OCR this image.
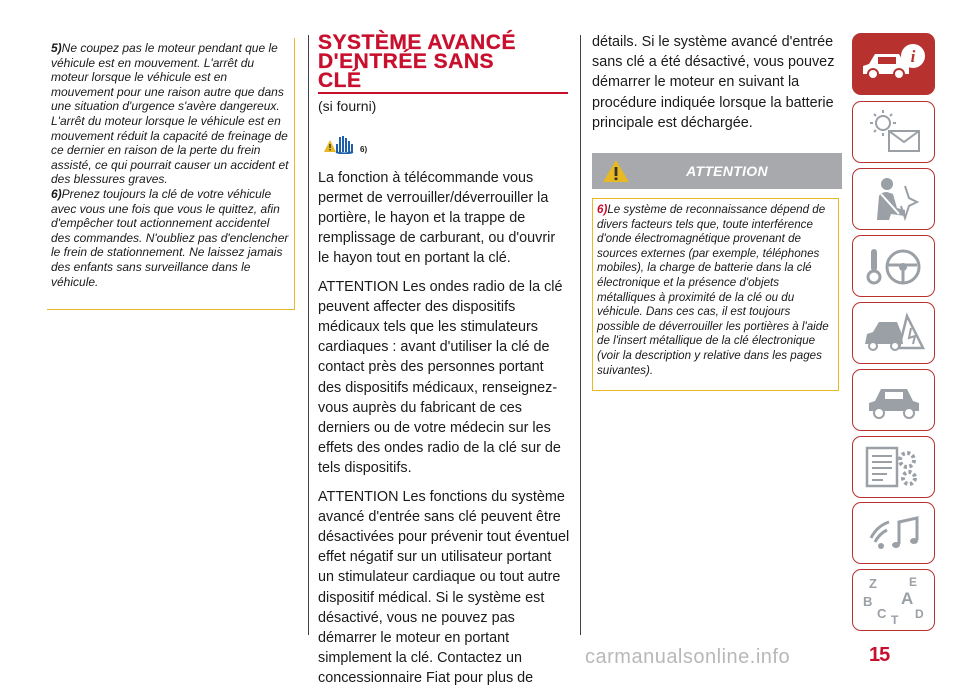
5)Ne coupez pas le moteur pendant que le véhicule est en mouvement. L'arrêt du moteur lorsque le véhicule est en mouvement pour une raison autre que dans une situation d'urgence s'avère dangereux. L'arrêt du moteur lorsque le véhicule est en mouvement réduit la capacité de freinage de ce dernier en raison de la perte du frein assisté, ce qui pourrait causer un accident et des blessures graves.

6)Prenez toujours la clé de votre véhicule avec vous une fois que vous le quittez, afin d'empêcher tout actionnement accidentel des commandes. N'oubliez pas d'enclencher le frein de stationnement. Ne laissez jamais des enfants sans surveillance dans le véhicule.

SYSTÈME AVANCÉ
D'ENTRÉE SANS
CLÉ
(si fourni)
6)

La fonction à télécommande vous permet de verrouiller/déverrouiller la portière, le hayon et la trappe de remplissage de carburant, ou d'ouvrir le hayon tout en portant la clé.

ATTENTION Les ondes radio de la clé peuvent affecter des dispositifs médicaux tels que les stimulateurs cardiaques : avant d'utiliser la clé de contact près des personnes portant des dispositifs médicaux, renseignez-vous auprès du fabricant de ces derniers ou de votre médecin sur les effets des ondes radio de la clé sur de tels dispositifs.

ATTENTION Les fonctions du système avancé d'entrée sans clé peuvent être désactivées pour prévenir tout éventuel effet négatif sur un utilisateur portant un stimulateur cardiaque ou tout autre dispositif médical. Si le système est désactivé, vous ne pouvez pas démarrer le moteur en portant simplement la clé. Contactez un concessionnaire Fiat pour plus de

détails. Si le système avancé d'entrée sans clé a été désactivé, vous pouvez démarrer le moteur en suivant la procédure indiquée lorsque la batterie principale est déchargée.

ATTENTION
6)Le système de reconnaissance dépend de divers facteurs tels que, toute interférence d'onde électromagnétique provenant de sources externes (par exemple, téléphones mobiles), la charge de batterie dans la clé électronique et la présence d'objets métalliques à proximité de la clé ou du véhicule. Dans ces cas, il est toujours possible de déverrouiller les portières à l'aide de l'insert métallique de la clé électronique (voir la description y relative dans les pages suivantes).
i
Z	E
B A
C D
T
carmanualsonline.info	15
